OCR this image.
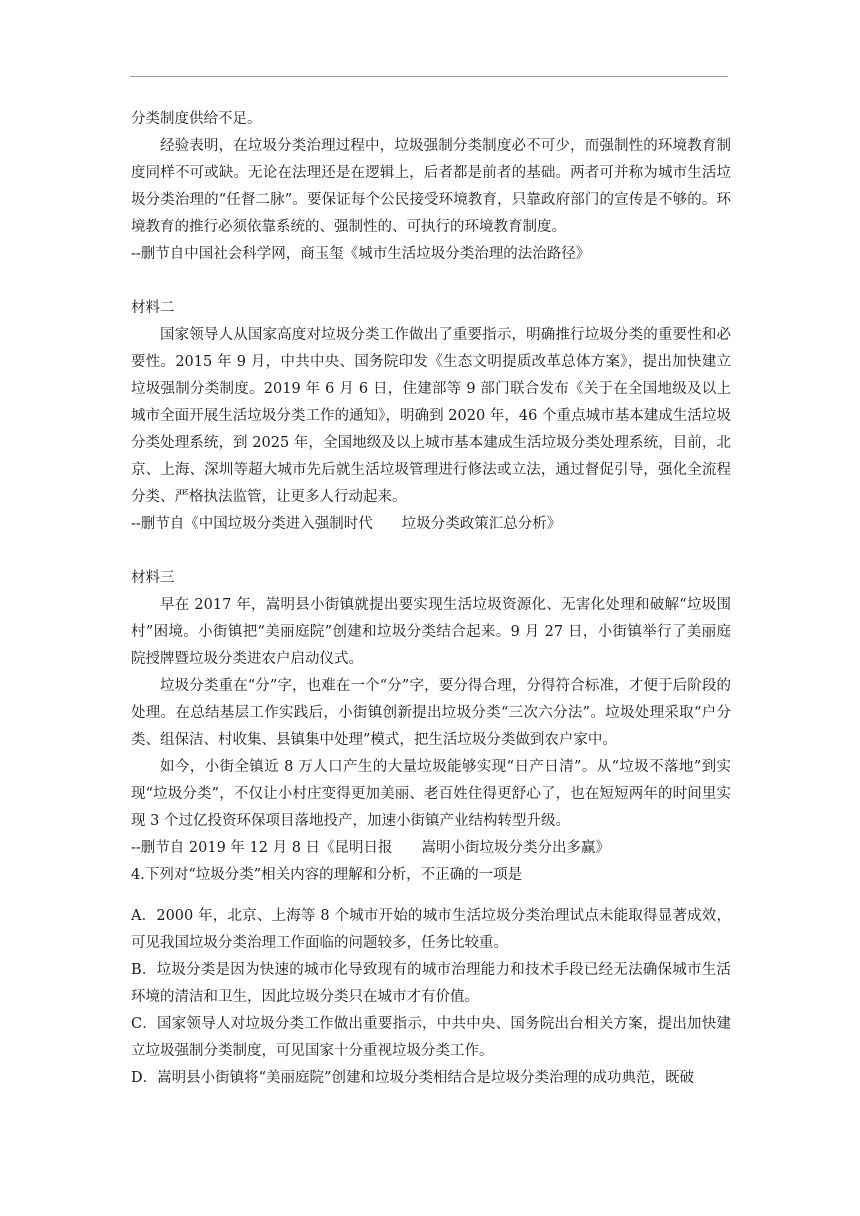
分类制度供给不足。

经验表明，在垃圾分类治理过程中，垃圾强制分类制度必不可少，而强制性的环境教育制度同样不可或缺。无论在法理还是在逻辑上，后者都是前者的基础。两者可并称为城市生活垃圾分类治理的“任督二脉”。要保证每个公民接受环境教育，只靠政府部门的宣传是不够的。环境教育的推行必须依靠系统的、强制性的、可执行的环境教育制度。

--删节自中国社会科学网，商玉玺《城市生活垃圾分类治理的法治路径》

材料二

国家领导人从国家高度对垃圾分类工作做出了重要指示，明确推行垃圾分类的重要性和必要性。2015 年 9 月，中共中央、国务院印发《生态文明提质改革总体方案》，提出加快建立垃圾强制分类制度。2019 年 6 月 6 日，住建部等 9 部门联合发布《关于在全国地级及以上城市全面开展生活垃圾分类工作的通知》，明确到 2020 年，46 个重点城市基本建成生活垃圾分类处理系统，到 2025 年，全国地级及以上城市基本建成生活垃圾分类处理系统，目前，北京、上海、深圳等超大城市先后就生活垃圾管理进行修法或立法，通过督促引导，强化全流程分类、严格执法监管，让更多人行动起来。

--删节自《中国垃圾分类进入强制时代　　垃圾分类政策汇总分析》

材料三

早在 2017 年，嵩明县小街镇就提出要实现生活垃圾资源化、无害化处理和破解“垃圾围村”困境。小街镇把“美丽庭院”创建和垃圾分类结合起来。9 月 27 日，小街镇举行了美丽庭院授牌暨垃圾分类进农户启动仪式。

垃圾分类重在“分”字，也难在一个“分”字，要分得合理，分得符合标准，才便于后阶段的处理。在总结基层工作实践后，小街镇创新提出垃圾分类“三次六分法”。垃圾处理采取“户分类、组保洁、村收集、县镇集中处理”模式，把生活垃圾分类做到农户家中。

如今，小街全镇近 8 万人口产生的大量垃圾能够实现“日产日清”。从“垃圾不落地”到实现“垃圾分类”，不仅让小村庄变得更加美丽、老百姓住得更舒心了，也在短短两年的时间里实现 3 个过亿投资环保项目落地投产，加速小街镇产业结构转型升级。

--删节自 2019 年 12 月 8 日《昆明日报　　嵩明小街垃圾分类分出多赢》

4.下列对“垃圾分类”相关内容的理解和分析，不正确的一项是

A．2000 年，北京、上海等 8 个城市开始的城市生活垃圾分类治理试点未能取得显著成效，可见我国垃圾分类治理工作面临的问题较多，任务比较重。

B．垃圾分类是因为快速的城市化导致现有的城市治理能力和技术手段已经无法确保城市生活环境的清洁和卫生，因此垃圾分类只在城市才有价值。

C．国家领导人对垃圾分类工作做出重要指示，中共中央、国务院出台相关方案，提出加快建立垃圾强制分类制度，可见国家十分重视垃圾分类工作。

D．嵩明县小街镇将“美丽庭院”创建和垃圾分类相结合是垃圾分类治理的成功典范，既破
